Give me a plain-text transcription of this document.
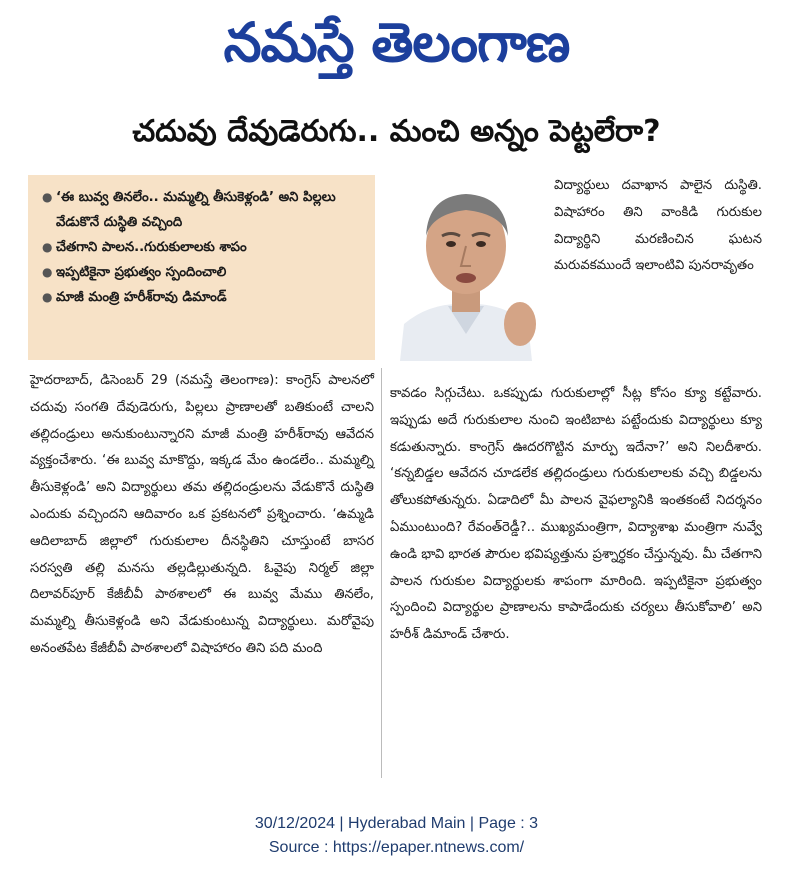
నమస్తే తెలంగాణ
చదువు దేవుడెరుగు.. మంచి అన్నం పెట్టలేరా?
● ‘ఈ బువ్వ తినలేం.. మమ్మల్ని తీసుకెళ్లండి’ అని పిల్లలు వేడుకొనే దుస్థితి వచ్చింది
● చేతగాని పాలన..గురుకులాలకు శాపం
● ఇప్పటికైనా ప్రభుత్వం స్పందించాలి
● మాజీ మంత్రి హరీశ్‌రావు డిమాండ్
విద్యార్థులు దవాఖాన పాలైన దుస్థితి. విషాహారం తిని వాంకిడి గురుకుల విద్యార్థిని మరణించిన ఘటన మరువకముందే ఇలాంటివి పునరావృతం
హైదరాబాద్, డిసెంబర్ 29 (నమస్తే తెలంగాణ): కాంగ్రెస్ పాలనలో చదువు సంగతి దేవుడెరుగు, పిల్లలు ప్రాణాలతో బతికుంటే చాలని తల్లిదండ్రులు అనుకుంటున్నారని మాజీ మంత్రి హరీశ్‌రావు ఆవేదన వ్యక్తంచేశారు. ‘ఈ బువ్వ మాకొద్దు, ఇక్కడ మేం ఉండలేం.. మమ్మల్ని తీసుకెళ్లండి’ అని విద్యార్థులు తమ తల్లిదండ్రులను వేడుకొనే దుస్థితి ఎందుకు వచ్చిందని ఆదివారం ఒక ప్రకటనలో ప్రశ్నించారు. ‘ఉమ్మడి ఆదిలాబాద్ జిల్లాలో గురుకులాల దీనస్థితిని చూస్తుంటే బాసర సరస్వతి తల్లి మనసు తల్లడిల్లుతున్నది. ఓవైపు నిర్మల్ జిల్లా దిలావర్‌పూర్ కేజీబీవీ పాఠశాలలో ఈ బువ్వ మేము తినలేం, మమ్మల్ని తీసుకెళ్లండి అని వేడుకుంటున్న విద్యార్థులు. మరోవైపు అనంతపేట కేజీబీవీ పాఠశాలలో విషాహారం తిని పది మంది
కావడం సిగ్గుచేటు. ఒకప్పుడు గురుకులాల్లో సీట్ల కోసం క్యూ కట్టేవారు. ఇప్పుడు అదే గురుకులాల నుంచి ఇంటిబాట పట్టేందుకు విద్యార్థులు క్యూ కడుతున్నారు. కాంగ్రెస్ ఊదరగొట్టిన మార్పు ఇదేనా?’ అని నిలదీశారు. ‘కన్నబిడ్డల ఆవేదన చూడలేక తల్లిదండ్రులు గురుకులాలకు వచ్చి బిడ్డలను తోలుకపోతున్నరు. ఏడాదిలో మీ పాలన వైఫల్యానికి ఇంతకంటే నిదర్శనం ఏముంటుంది? రేవంత్‌రెడ్డీ?.. ముఖ్యమంత్రిగా, విద్యాశాఖ మంత్రిగా నువ్వే ఉండి భావి భారత పౌరుల భవిష్యత్తును ప్రశ్నార్థకం చేస్తున్నవు. మీ చేతగాని పాలన గురుకుల విద్యార్థులకు శాపంగా మారింది. ఇప్పటికైనా ప్రభుత్వం స్పందించి విద్యార్థుల ప్రాణాలను కాపాడేందుకు చర్యలు తీసుకోవాలి’ అని హరీశ్ డిమాండ్ చేశారు.
30/12/2024 | Hyderabad Main | Page : 3
Source : https://epaper.ntnews.com/
